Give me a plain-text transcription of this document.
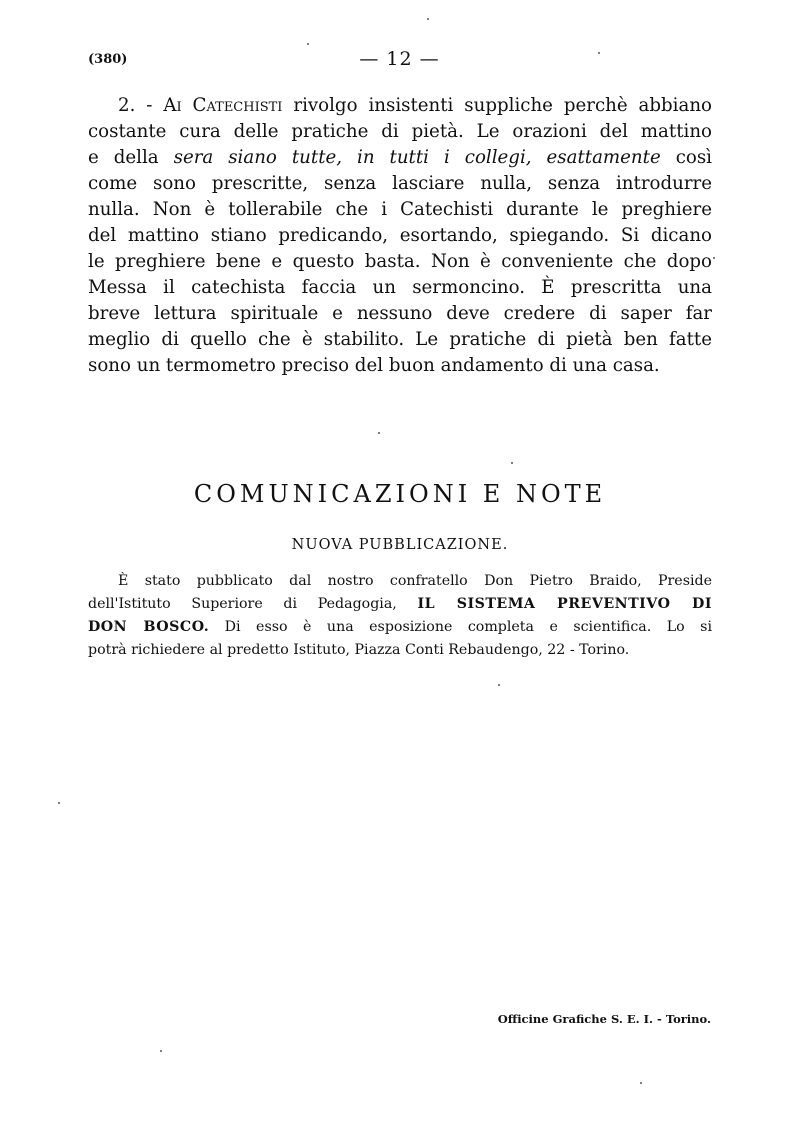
(380)	— 12 —
2. - Ai Catechisti rivolgo insistenti suppliche perchè abbiano
costante cura delle pratiche di pietà. Le orazioni del mattino
e della sera siano tutte, in tutti i collegi, esattamente così
come sono prescritte, senza lasciare nulla, senza introdurre
nulla. Non è tollerabile che i Catechisti durante le preghiere
del mattino stiano predicando, esortando, spiegando. Si dicano
le preghiere bene e questo basta. Non è conveniente che dopo
Messa il catechista faccia un sermoncino. È prescritta una
breve lettura spirituale e nessuno deve credere di saper far
meglio di quello che è stabilito. Le pratiche di pietà ben fatte
sono un termometro preciso del buon andamento di una casa.
COMUNICAZIONI E NOTE
NUOVA PUBBLICAZIONE.
È stato pubblicato dal nostro confratello Don Pietro Braido, Preside
dell'Istituto Superiore di Pedagogia, IL SISTEMA PREVENTIVO DI
DON BOSCO. Di esso è una esposizione completa e scientifica. Lo si
potrà richiedere al predetto Istituto, Piazza Conti Rebaudengo, 22 - Torino.
Officine Grafiche S. E. I. - Torino.
